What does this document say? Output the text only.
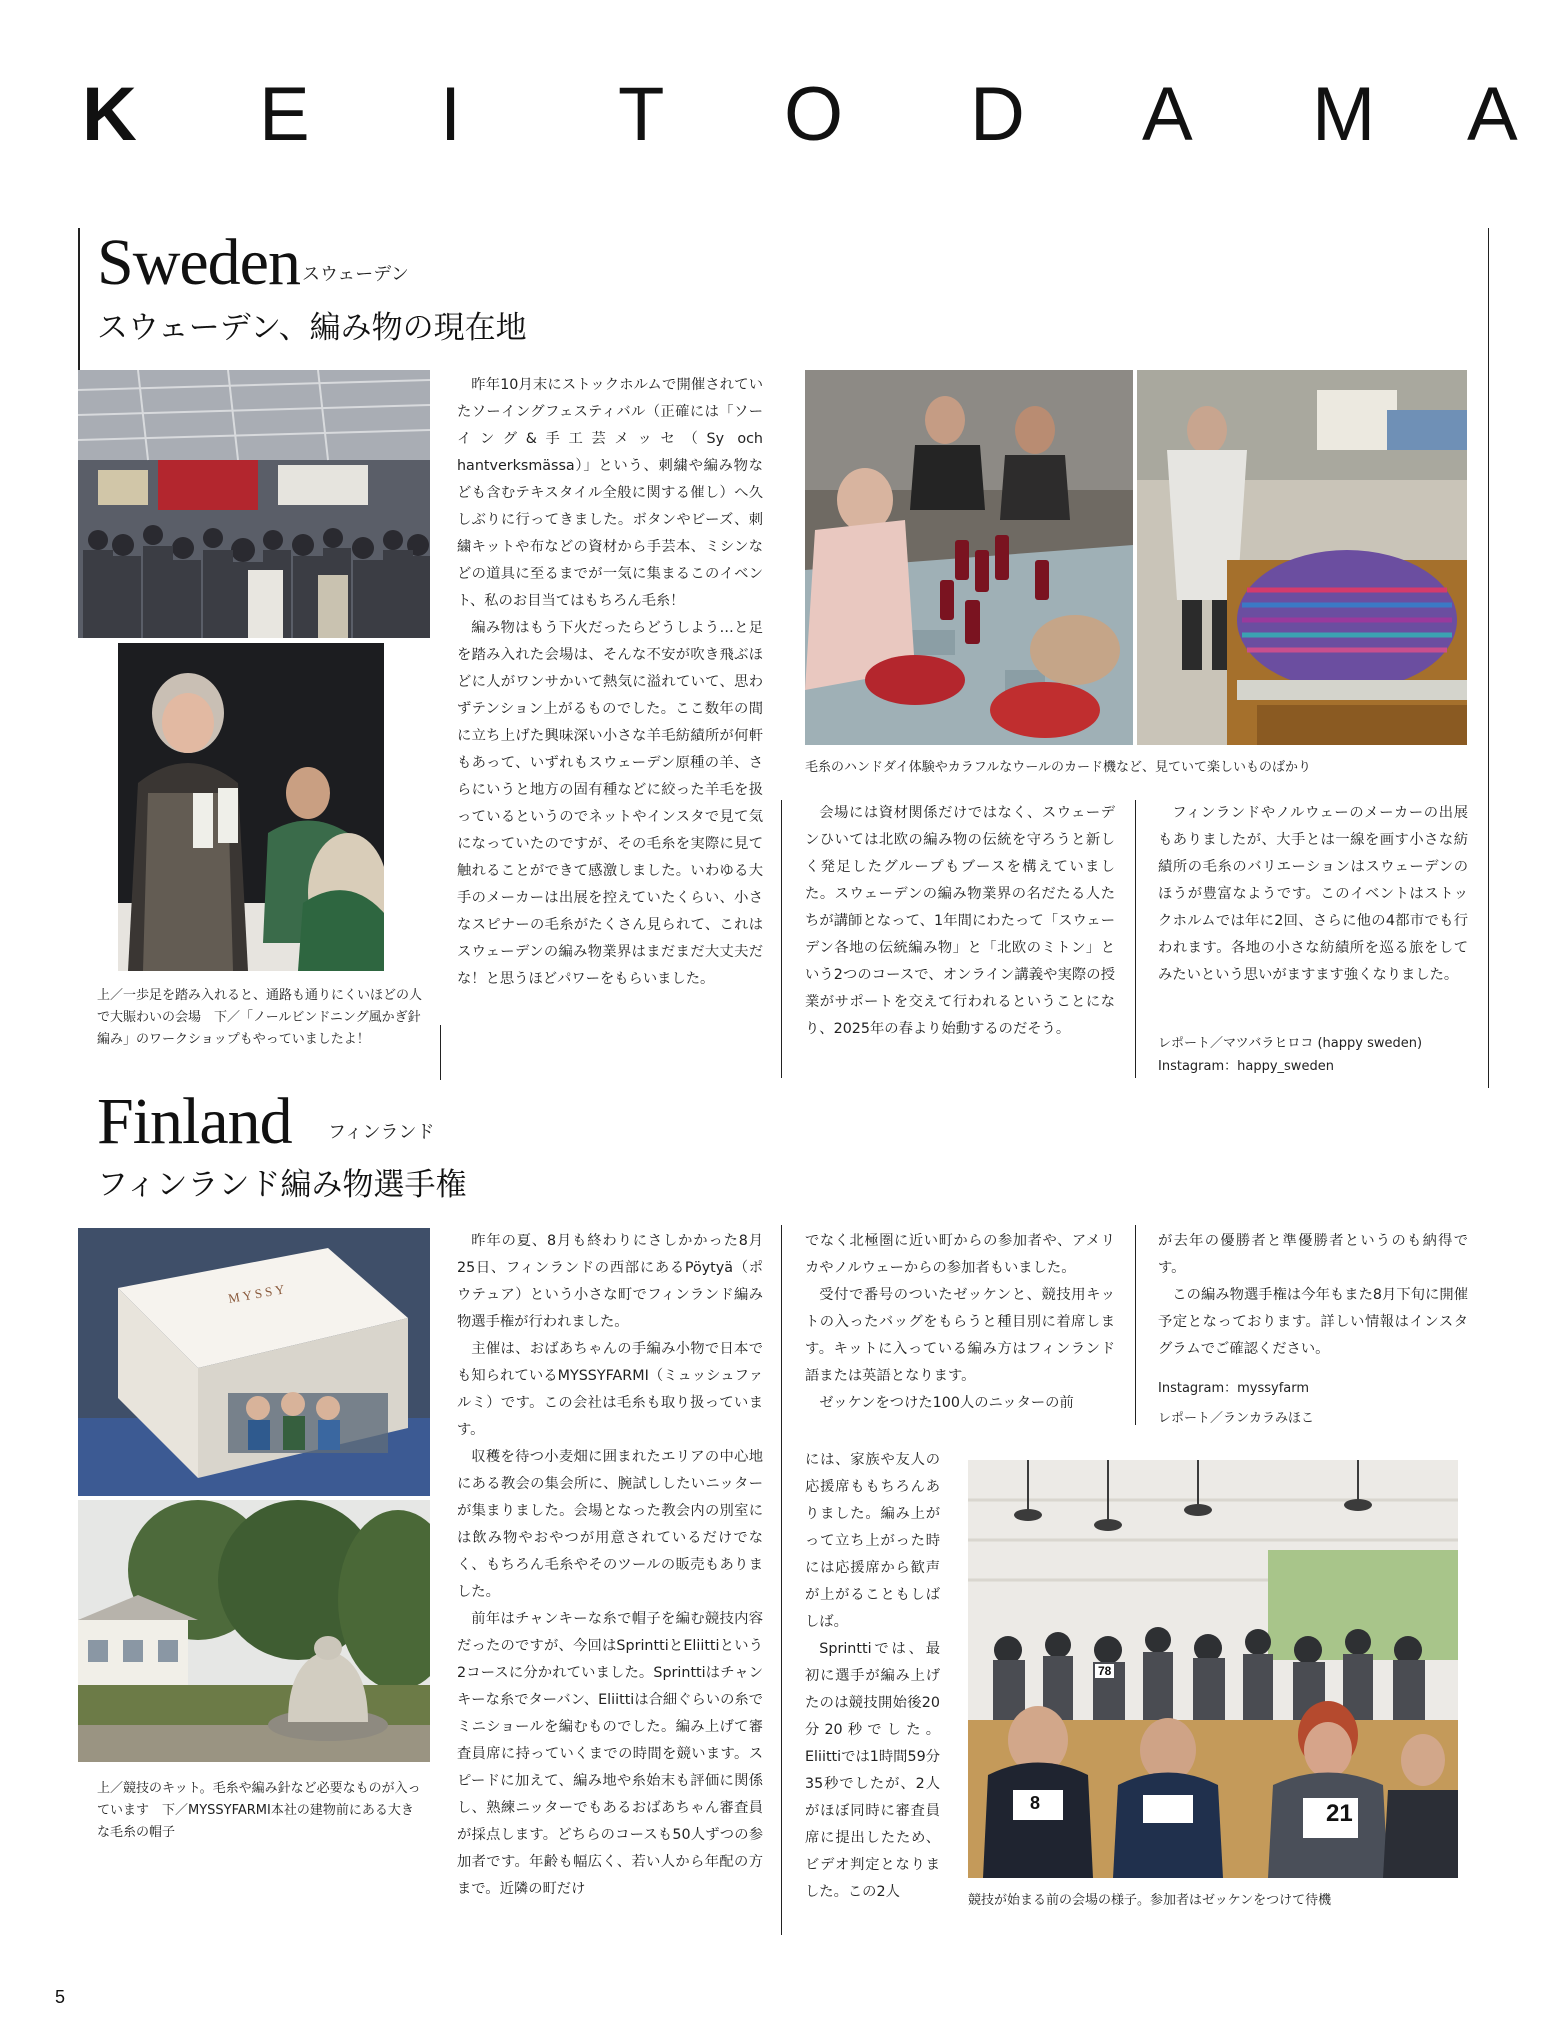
K E I T O D A M A
Sweden スウェーデン
スウェーデン、編み物の現在地
上／一歩足を踏み入れると、通路も通りにくいほどの人で大賑わいの会場　下／「ノールビンドニング風かぎ針編み」のワークショップもやっていましたよ！

昨年10月末にストックホルムで開催されていたソーイングフェスティバル（正確には「ソーイング&手工芸メッセ（Sy och hantverksmässa）」という、刺繍や編み物なども含むテキスタイル全般に関する催し）へ久しぶりに行ってきました。ボタンやビーズ、刺繍キットや布などの資材から手芸本、ミシンなどの道具に至るまでが一気に集まるこのイベント、私のお目当てはもちろん毛糸！

編み物はもう下火だったらどうしよう…と足を踏み入れた会場は、そんな不安が吹き飛ぶほどに人がワンサかいて熱気に溢れていて、思わずテンション上がるものでした。ここ数年の間に立ち上げた興味深い小さな羊毛紡績所が何軒もあって、いずれもスウェーデン原種の羊、さらにいうと地方の固有種などに絞った羊毛を扱っているというのでネットやインスタで見て気になっていたのですが、その毛糸を実際に見て触れることができて感激しました。いわゆる大手のメーカーは出展を控えていたくらい、小さなスピナーの毛糸がたくさん見られて、これはスウェーデンの編み物業界はまだまだ大丈夫だな！と思うほどパワーをもらいました。

毛糸のハンドダイ体験やカラフルなウールのカード機など、見ていて楽しいものばかり

会場には資材関係だけではなく、スウェーデンひいては北欧の編み物の伝統を守ろうと新しく発足したグループもブースを構えていました。スウェーデンの編み物業界の名だたる人たちが講師となって、1年間にわたって「スウェーデン各地の伝統編み物」と「北欧のミトン」という2つのコースで、オンライン講義や実際の授業がサポートを交えて行われるということになり、2025年の春より始動するのだそう。

フィンランドやノルウェーのメーカーの出展もありましたが、大手とは一線を画す小さな紡績所の毛糸のバリエーションはスウェーデンのほうが豊富なようです。このイベントはストックホルムでは年に2回、さらに他の4都市でも行われます。各地の小さな紡績所を巡る旅をしてみたいという思いがますます強くなりました。

レポート／マツバラヒロコ (happy sweden)
Instagram：happy_sweden
Finland フィンランド
フィンランド編み物選手権
MYSSY
上／競技のキット。毛糸や編み針など必要なものが入っています　下／MYSSYFARMI本社の建物前にある大きな毛糸の帽子

昨年の夏、8月も終わりにさしかかった8月25日、フィンランドの西部にあるPöytyä（ポウテュア）という小さな町でフィンランド編み物選手権が行われました。

主催は、おばあちゃんの手編み小物で日本でも知られているMYSSYFARMI（ミュッシュファルミ）です。この会社は毛糸も取り扱っています。

収穫を待つ小麦畑に囲まれたエリアの中心地にある教会の集会所に、腕試ししたいニッターが集まりました。会場となった教会内の別室には飲み物やおやつが用意されているだけでなく、もちろん毛糸やそのツールの販売もありました。

前年はチャンキーな糸で帽子を編む競技内容だったのですが、今回はSprinttiとEliittiという2コースに分かれていました。Sprinttiはチャンキーな糸でターバン、Eliittiは合細ぐらいの糸でミニショールを編むものでした。編み上げて審査員席に持っていくまでの時間を競います。スピードに加えて、編み地や糸始末も評価に関係し、熟練ニッターでもあるおばあちゃん審査員が採点します。どちらのコースも50人ずつの参加者です。年齢も幅広く、若い人から年配の方まで。近隣の町だけ

でなく北極圏に近い町からの参加者や、アメリカやノルウェーからの参加者もいました。

受付で番号のついたゼッケンと、競技用キットの入ったバッグをもらうと種目別に着席します。キットに入っている編み方はフィンランド語または英語となります。

ゼッケンをつけた100人のニッターの前

には、家族や友人の応援席ももちろんありました。編み上がって立ち上がった時には応援席から歓声が上がることもしばしば。

Sprinttiでは、最初に選手が編み上げたのは競技開始後20分20秒でした。Eliittiでは1時間59分35秒でしたが、2人がほぼ同時に審査員席に提出したため、ビデオ判定となりました。この2人

が去年の優勝者と準優勝者というのも納得です。

この編み物選手権は今年もまた8月下旬に開催予定となっております。詳しい情報はインスタグラムでご確認ください。

Instagram：myssyfarm
レポート／ランカラみほこ
21
8
78
競技が始まる前の会場の様子。参加者はゼッケンをつけて待機
5
